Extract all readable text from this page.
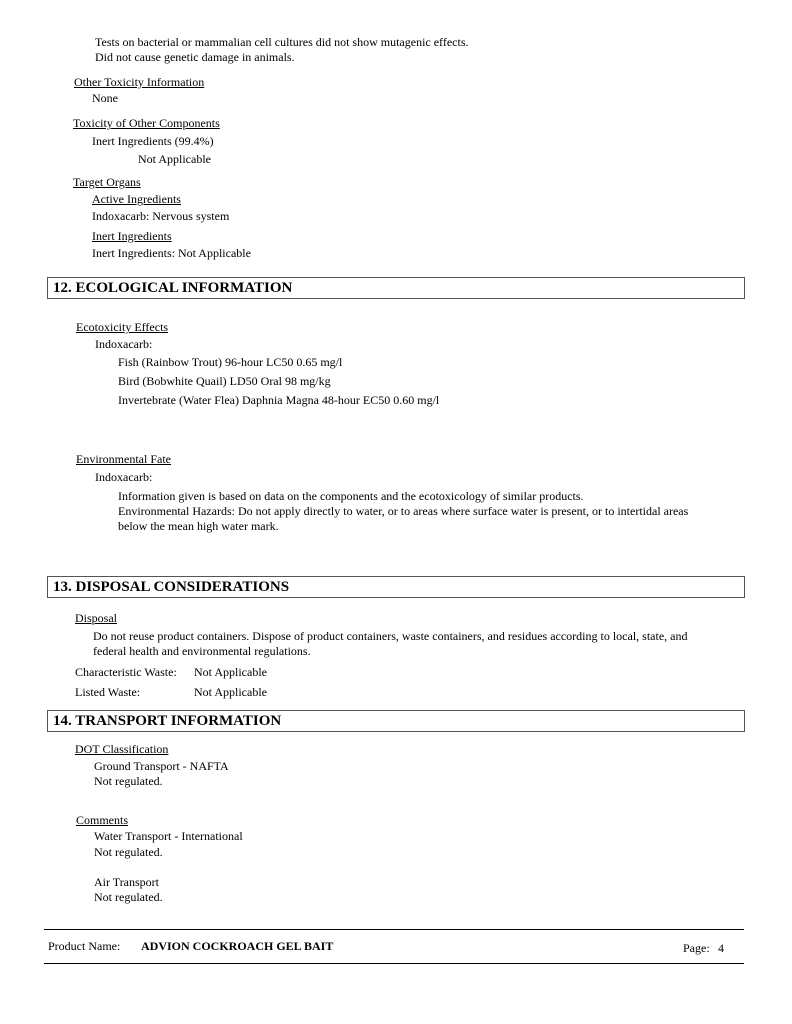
Tests on bacterial or mammalian cell cultures did not show mutagenic effects.
Did not cause genetic damage in animals.
Other Toxicity Information
None
Toxicity of Other Components
Inert Ingredients (99.4%)
Not Applicable
Target Organs
Active Ingredients
Indoxacarb: Nervous system
Inert Ingredients
Inert Ingredients: Not Applicable
12. ECOLOGICAL INFORMATION
Ecotoxicity Effects
Indoxacarb:
Fish (Rainbow Trout) 96-hour LC50 0.65 mg/l
Bird (Bobwhite Quail) LD50 Oral 98 mg/kg
Invertebrate (Water Flea) Daphnia Magna 48-hour EC50 0.60 mg/l
Environmental Fate
Indoxacarb:
Information given is based on data on the components and the ecotoxicology of similar products.
Environmental Hazards: Do not apply directly to water, or to areas where surface water is present, or to intertidal areas
below the mean high water mark.
13. DISPOSAL CONSIDERATIONS
Disposal
Do not reuse product containers. Dispose of product containers, waste containers, and residues according to local, state, and
federal health and environmental regulations.
Characteristic Waste: Not Applicable
Listed Waste:	Not Applicable
14. TRANSPORT INFORMATION
DOT Classification
Ground Transport - NAFTA
Not regulated.
Comments
Water Transport - International
Not regulated.
Air Transport
Not regulated.
Product Name: ADVION COCKROACH GEL BAIT	Page: 4
